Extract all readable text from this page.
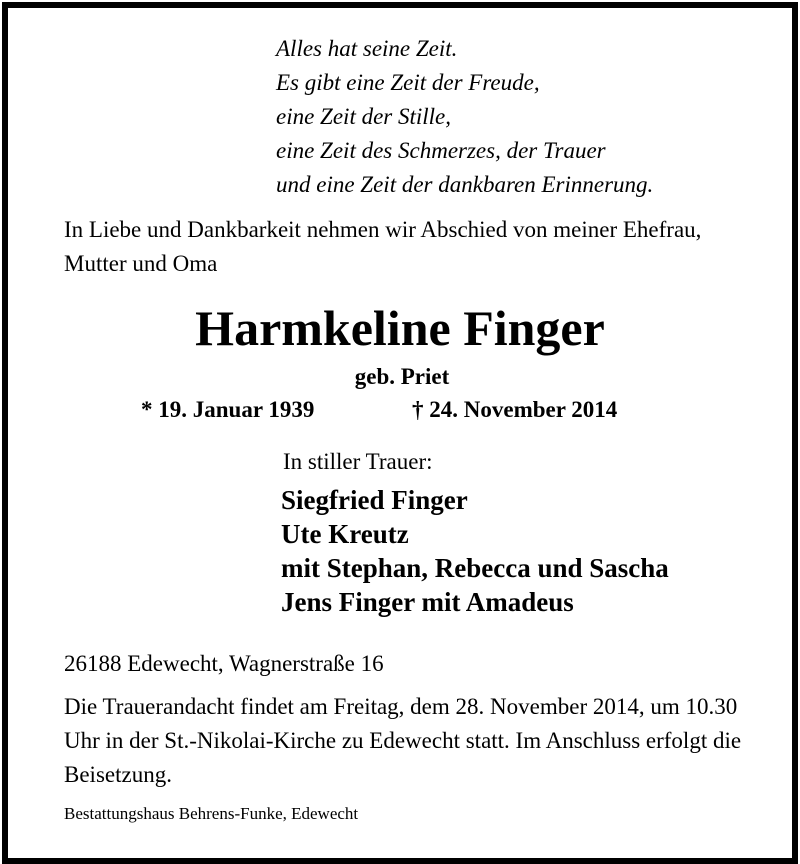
Alles hat seine Zeit.
Es gibt eine Zeit der Freude,
eine Zeit der Stille,
eine Zeit des Schmerzes, der Trauer
und eine Zeit der dankbaren Erinnerung.
In Liebe und Dankbarkeit nehmen wir Abschied von meiner Ehefrau, Mutter und Oma
Harmkeline Finger
geb. Priet
* 19. Januar 1939	† 24. November 2014
In stiller Trauer:
Siegfried Finger
Ute Kreutz
mit Stephan, Rebecca und Sascha
Jens Finger mit Amadeus
26188 Edewecht, Wagnerstraße 16
Die Trauerandacht findet am Freitag, dem 28. November 2014, um 10.30 Uhr in der St.-Nikolai-Kirche zu Edewecht statt. Im Anschluss erfolgt die Beisetzung.
Bestattungshaus Behrens-Funke, Edewecht
